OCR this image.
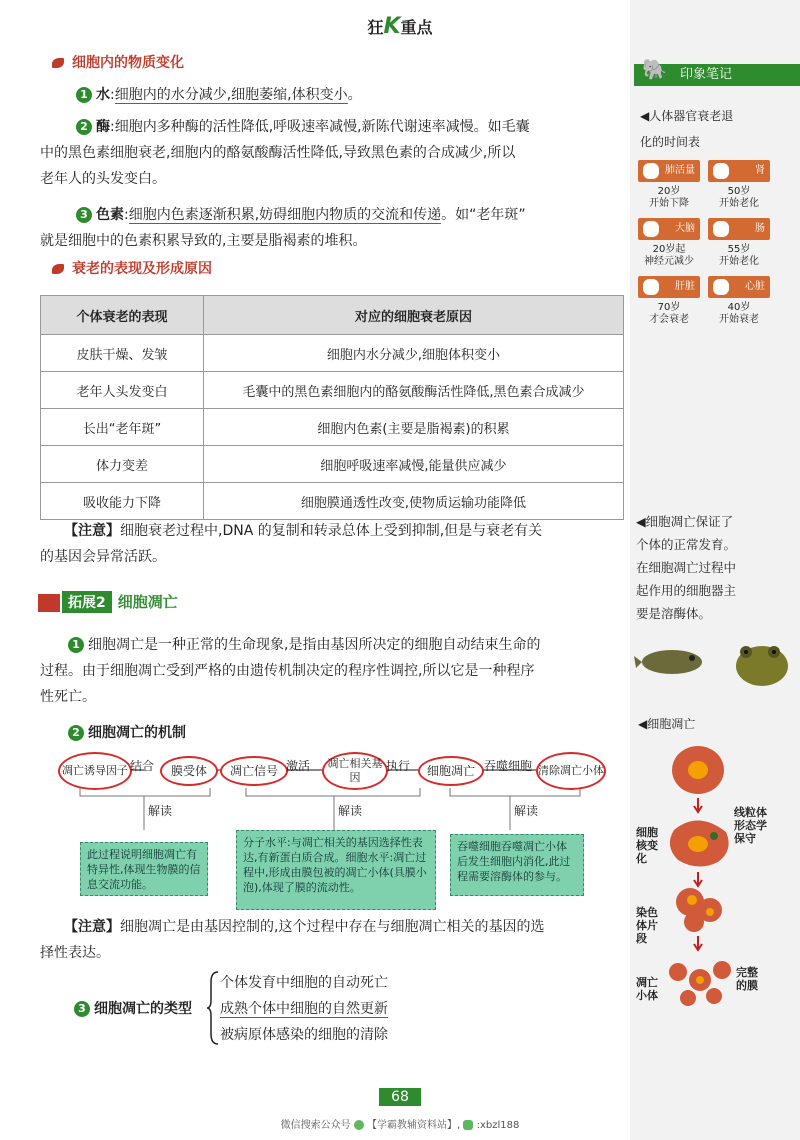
狂K重点
🐘 印象笔记
◀人体器官衰老退
化的时间表
肺活量
20岁
开始下降
肾
50岁
开始老化
大脑
20岁起
神经元减少
肠
55岁
开始老化
肝脏
70岁
才会衰老
心脏
40岁
开始衰老
◀细胞凋亡保证了
个体的正常发育。
在细胞凋亡过程中
起作用的细胞器主
要是溶酶体。
◀细胞凋亡
线粒体形态学保守
细胞核变化
染色体片段
凋亡小体
完整的膜
细胞内的物质变化
1 水:细胞内的水分减少,细胞萎缩,体积变小。
2 酶:细胞内多种酶的活性降低,呼吸速率减慢,新陈代谢速率减慢。如毛囊
中的黑色素细胞衰老,细胞内的酪氨酸酶活性降低,导致黑色素的合成减少,所以
老年人的头发变白。
3 色素:细胞内色素逐渐积累,妨碍细胞内物质的交流和传递。如“老年斑”
就是细胞中的色素积累导致的,主要是脂褐素的堆积。
衰老的表现及形成原因
个体衰老的表现	对应的细胞衰老原因
皮肤干燥、发皱	细胞内水分减少,细胞体积变小
老年人头发变白	毛囊中的黑色素细胞内的酪氨酸酶活性降低,黑色素合成减少
长出“老年斑”	细胞内色素(主要是脂褐素)的积累
体力变差	细胞呼吸速率减慢,能量供应减少
吸收能力下降	细胞膜通透性改变,使物质运输功能降低
【注意】细胞衰老过程中,DNA 的复制和转录总体上受到抑制,但是与衰老有关
的基因会异常活跃。
拓展2 细胞凋亡
1 细胞凋亡是一种正常的生命现象,是指由基因所决定的细胞自动结束生命的
过程。由于细胞凋亡受到严格的由遗传机制决定的程序性调控,所以它是一种程序
性死亡。
2 细胞凋亡的机制
凋亡诱导因子	膜受体	凋亡信号
凋亡相关基因	细胞凋亡	清除凋亡小体
结合	激活	执行	吞噬细胞
解读	解读	解读
此过程说明细胞凋亡有特异性,体现生物膜的信息交流功能。
分子水平:与凋亡相关的基因选择性表达,有新蛋白质合成。细胞水平:凋亡过程中,形成由膜包被的凋亡小体(具膜小泡),体现了膜的流动性。
吞噬细胞吞噬凋亡小体后发生细胞内消化,此过程需要溶酶体的参与。
【注意】细胞凋亡是由基因控制的,这个过程中存在与细胞凋亡相关的基因的选
择性表达。
3 细胞凋亡的类型
个体发育中细胞的自动死亡
成熟个体中细胞的自然更新
被病原体感染的细胞的清除
68
微信搜索公众号 【学霸教辅资料站】, :xbzl188
